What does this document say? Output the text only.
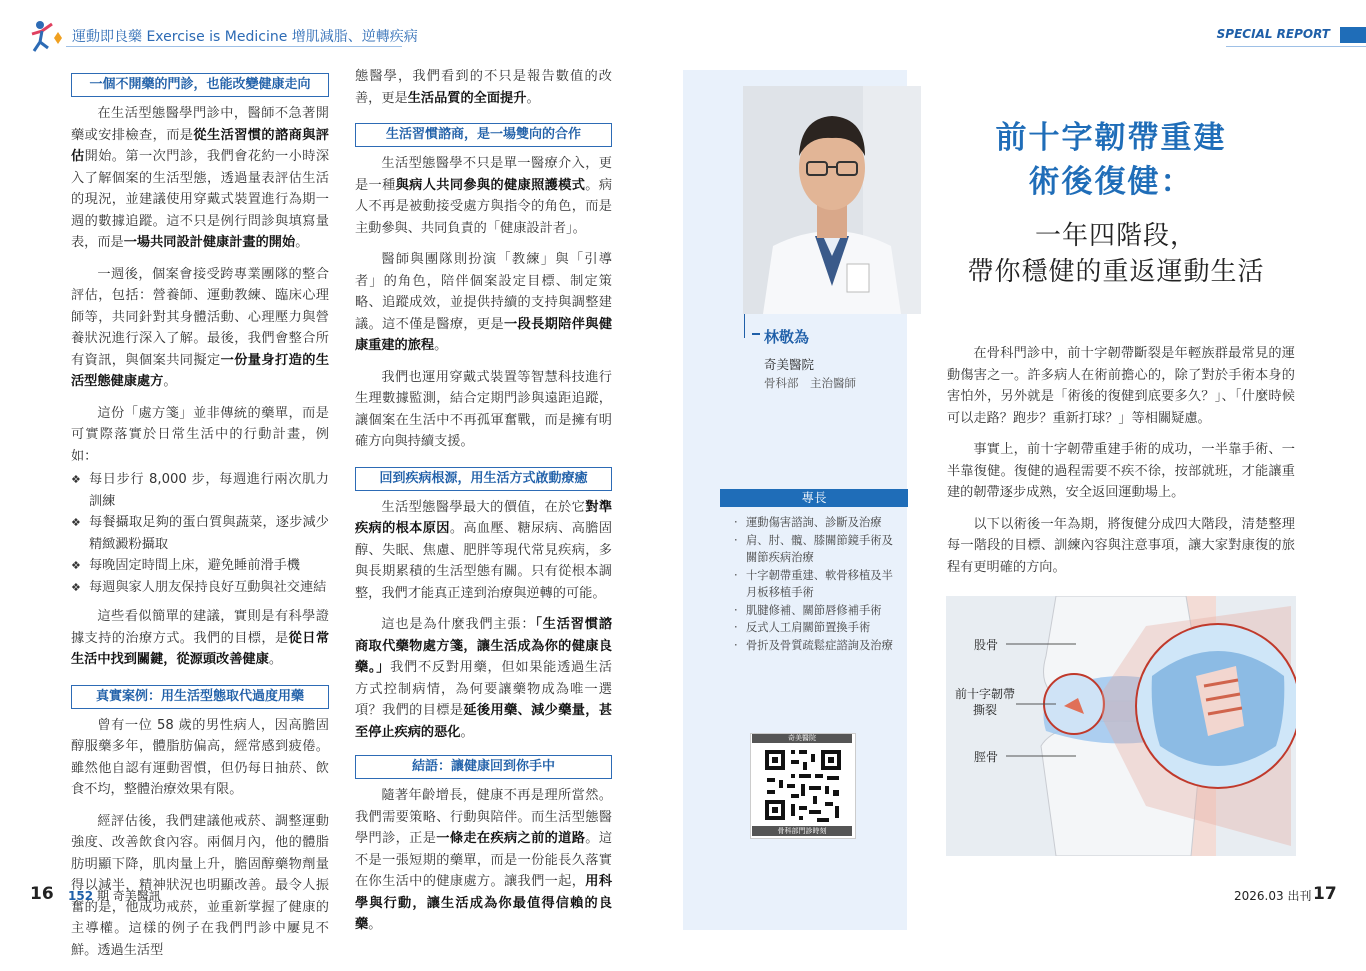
運動即良藥 Exercise is Medicine 增肌減脂、逆轉疾病	SPECIAL REPORT
一個不開藥的門診，也能改變健康走向

在生活型態醫學門診中，醫師不急著開藥或安排檢查，而是從生活習慣的諮商與評估開始。第一次門診，我們會花約一小時深入了解個案的生活型態，透過量表評估生活的現況，並建議使用穿戴式裝置進行為期一週的數據追蹤。這不只是例行問診與填寫量表，而是一場共同設計健康計畫的開始。

一週後，個案會接受跨專業團隊的整合評估，包括：營養師、運動教練、臨床心理師等，共同針對其身體活動、心理壓力與營養狀況進行深入了解。最後，我們會整合所有資訊，與個案共同擬定一份量身打造的生活型態健康處方。

這份「處方箋」並非傳統的藥單，而是可實際落實於日常生活中的行動計畫，例如：

❖ 每日步行 8,000 步，每週進行兩次肌力訓練
❖ 每餐攝取足夠的蛋白質與蔬菜，逐步減少精緻澱粉攝取
❖ 每晚固定時間上床，避免睡前滑手機
❖ 每週與家人朋友保持良好互動與社交連結

這些看似簡單的建議，實則是有科學證據支持的治療方式。我們的目標，是從日常生活中找到關鍵，從源頭改善健康。

真實案例：用生活型態取代過度用藥

曾有一位 58 歲的男性病人，因高膽固醇服藥多年，體脂肪偏高，經常感到疲倦。雖然他自認有運動習慣，但仍每日抽菸、飲食不均，整體治療效果有限。

經評估後，我們建議他戒菸、調整運動強度、改善飲食內容。兩個月內，他的體脂肪明顯下降，肌肉量上升，膽固醇藥物劑量得以減半，精神狀況也明顯改善。最令人振奮的是，他成功戒菸，並重新掌握了健康的主導權。這樣的例子在我們門診中屢見不鮮。透過生活型

態醫學，我們看到的不只是報告數值的改善，更是生活品質的全面提升。

生活習慣諮商，是一場雙向的合作

生活型態醫學不只是單一醫療介入，更是一種與病人共同參與的健康照護模式。病人不再是被動接受處方與指令的角色，而是主動參與、共同負責的「健康設計者」。

醫師與團隊則扮演「教練」與「引導者」的角色，陪伴個案設定目標、制定策略、追蹤成效，並提供持續的支持與調整建議。這不僅是醫療，更是一段長期陪伴與健康重建的旅程。

我們也運用穿戴式裝置等智慧科技進行生理數據監測，結合定期門診與遠距追蹤，讓個案在生活中不再孤軍奮戰，而是擁有明確方向與持續支援。

回到疾病根源，用生活方式啟動療癒

生活型態醫學最大的價值，在於它對準疾病的根本原因。高血壓、糖尿病、高膽固醇、失眠、焦慮、肥胖等現代常見疾病，多與長期累積的生活型態有關。只有從根本調整，我們才能真正達到治療與逆轉的可能。

這也是為什麼我們主張：「生活習慣諮商取代藥物處方箋，讓生活成為你的健康良藥。」我們不反對用藥，但如果能透過生活方式控制病情，為何要讓藥物成為唯一選項？我們的目標是延後用藥、減少藥量，甚至停止疾病的惡化。

結語：讓健康回到你手中

隨著年齡增長，健康不再是理所當然。我們需要策略、行動與陪伴。而生活型態醫學門診，正是一條走在疾病之前的道路。這不是一張短期的藥單，而是一份能長久落實在你生活中的健康處方。讓我們一起，用科學與行動，讓生活成為你最值得信賴的良藥。

林敬為
奇美醫院
骨科部　主治醫師
專長
· 運動傷害諮詢、診斷及治療
· 肩、肘、髖、膝關節鏡手術及關節疾病治療
· 十字韌帶重建、軟骨移植及半月板移植手術
· 肌腱修補、關節唇修補手術
· 反式人工肩關節置換手術
· 骨折及骨質疏鬆症諮詢及治療
奇美醫院
骨科部門診時刻
前十字韌帶重建
術後復健：
一年四階段，
帶你穩健的重返運動生活

在骨科門診中，前十字韌帶斷裂是年輕族群最常見的運動傷害之一。許多病人在術前擔心的，除了對於手術本身的害怕外，另外就是「術後的復健到底要多久？」、「什麼時候可以走路？跑步？重新打球？」等相關疑慮。

事實上，前十字韌帶重建手術的成功，一半靠手術、一半靠復健。復健的過程需要不疾不徐，按部就班，才能讓重建的韌帶逐步成熟，安全返回運動場上。

以下以術後一年為期，將復健分成四大階段，清楚整理每一階段的目標、訓練內容與注意事項，讓大家對康復的旅程有更明確的方向。

股骨
前十字韌帶
撕裂
脛骨
16 152 期 奇美醫訊	2026.03 出刊 17
